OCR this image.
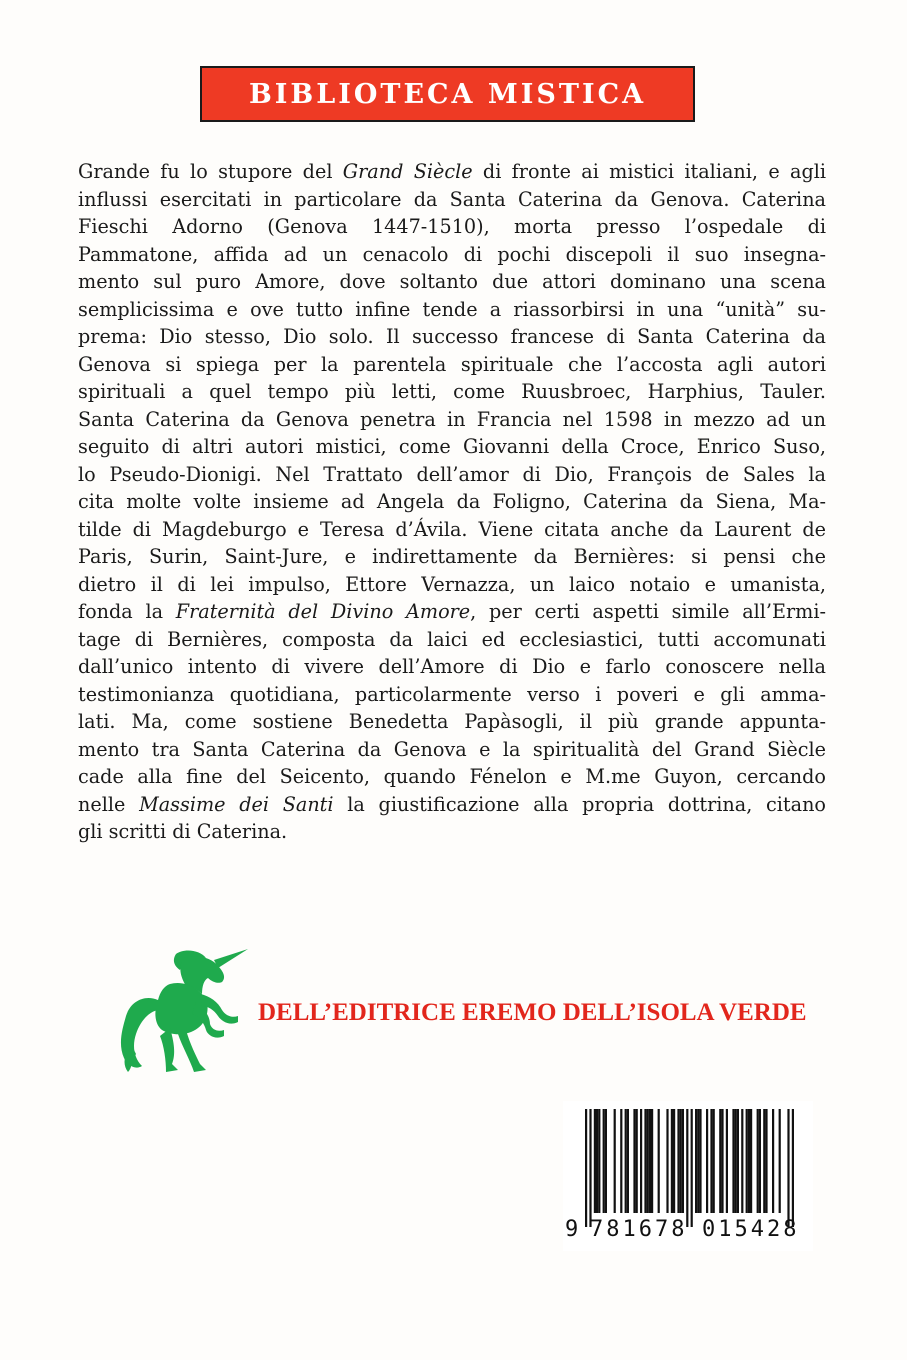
BIBLIOTECA MISTICA
Grande fu lo stupore del Grand Siècle di fronte ai mistici italiani, e agli
influssi esercitati in particolare da Santa Caterina da Genova. Caterina
Fieschi Adorno (Genova 1447-1510), morta presso l’ospedale di
Pammatone, affida ad un cenacolo di pochi discepoli il suo insegna-
mento sul puro Amore, dove soltanto due attori dominano una scena
semplicissima e ove tutto infine tende a riassorbirsi in una “unità” su-
prema: Dio stesso, Dio solo. Il successo francese di Santa Caterina da
Genova si spiega per la parentela spirituale che l’accosta agli autori
spirituali a quel tempo più letti, come Ruusbroec, Harphius, Tauler.
Santa Caterina da Genova penetra in Francia nel 1598 in mezzo ad un
seguito di altri autori mistici, come Giovanni della Croce, Enrico Suso,
lo Pseudo-Dionigi. Nel Trattato dell’amor di Dio, François de Sales la
cita molte volte insieme ad Angela da Foligno, Caterina da Siena, Ma-
tilde di Magdeburgo e Teresa d’Ávila. Viene citata anche da Laurent de
Paris, Surin, Saint-Jure, e indirettamente da Bernières: si pensi che
dietro il di lei impulso, Ettore Vernazza, un laico notaio e umanista,
fonda la Fraternità del Divino Amore, per certi aspetti simile all’Ermi-
tage di Bernières, composta da laici ed ecclesiastici, tutti accomunati
dall’unico intento di vivere dell’Amore di Dio e farlo conoscere nella
testimonianza quotidiana, particolarmente verso i poveri e gli amma-
lati. Ma, come sostiene Benedetta Papàsogli, il più grande appunta-
mento tra Santa Caterina da Genova e la spiritualità del Grand Siècle
cade alla fine del Seicento, quando Fénelon e M.me Guyon, cercando
nelle Massime dei Santi la giustificazione alla propria dottrina, citano
gli scritti di Caterina.
DELL’EDITRICE EREMO DELL’ISOLA VERDE
9 781678 015428
